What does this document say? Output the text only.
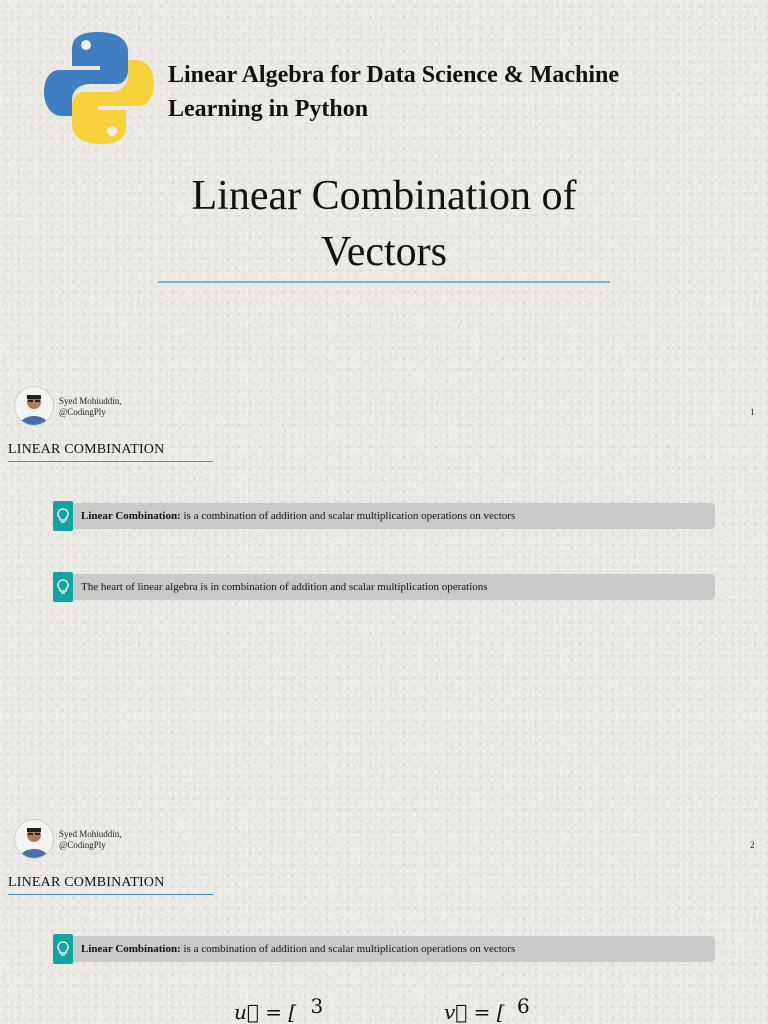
Linear Algebra for Data Science & Machine
Learning in Python
Linear Combination of
Vectors
Syed Mohiuddin,
@CodingPly	1
LINEAR COMBINATION
Linear Combination: is a combination of addition and scalar multiplication operations on vectors
The heart of linear algebra is in combination of addition and scalar multiplication operations
Syed Mohiuddin,
@CodingPly	2
LINEAR COMBINATION
Linear Combination: is a combination of addition and scalar multiplication operations on vectors
u⃗ = [ 3	v⃗ = [ 6
